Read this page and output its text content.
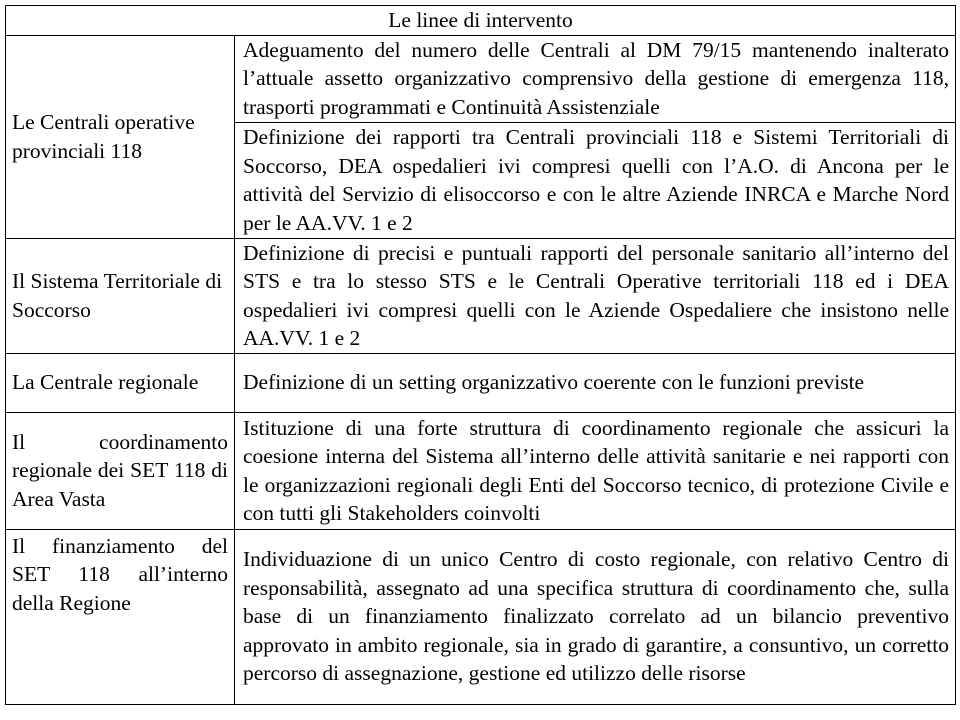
Le linee di intervento	

Le Centrali operative provinciali 118	Adeguamento del numero delle Centrali al DM 79/15 mantenendo inalterato l’attuale assetto organizzativo comprensivo della gestione di emergenza 118, trasporti programmati e Continuità Assistenziale

	Definizione dei rapporti tra Centrali provinciali 118 e Sistemi Territoriali di Soccorso, DEA ospedalieri ivi compresi quelli con l’A.O. di Ancona per le attività del Servizio di elisoccorso e con le altre Aziende INRCA e Marche Nord per le AA.VV. 1 e 2

Il Sistema Territoriale di Soccorso	Definizione di precisi e puntuali rapporti del personale sanitario all’interno del STS e tra lo stesso STS e le Centrali Operative territoriali 118 ed i DEA ospedalieri ivi compresi quelli con le Aziende Ospedaliere che insistono nelle AA.VV. 1 e 2

La Centrale regionale	Definizione di un setting organizzativo coerente con le funzioni previste

Il coordinamento regionale dei SET 118 di Area Vasta	Istituzione di una forte struttura di coordinamento regionale che assicuri la coesione interna del Sistema all’interno delle attività sanitarie e nei rapporti con le organizzazioni regionali degli Enti del Soccorso tecnico, di protezione Civile e con tutti gli Stakeholders coinvolti

Il finanziamento del SET 118 all’interno della Regione	Individuazione di un unico Centro di costo regionale, con relativo Centro di responsabilità, assegnato ad una specifica struttura di coordinamento che, sulla base di un finanziamento finalizzato correlato ad un bilancio preventivo approvato in ambito regionale, sia in grado di garantire, a consuntivo, un corretto percorso di assegnazione, gestione ed utilizzo delle risorse
